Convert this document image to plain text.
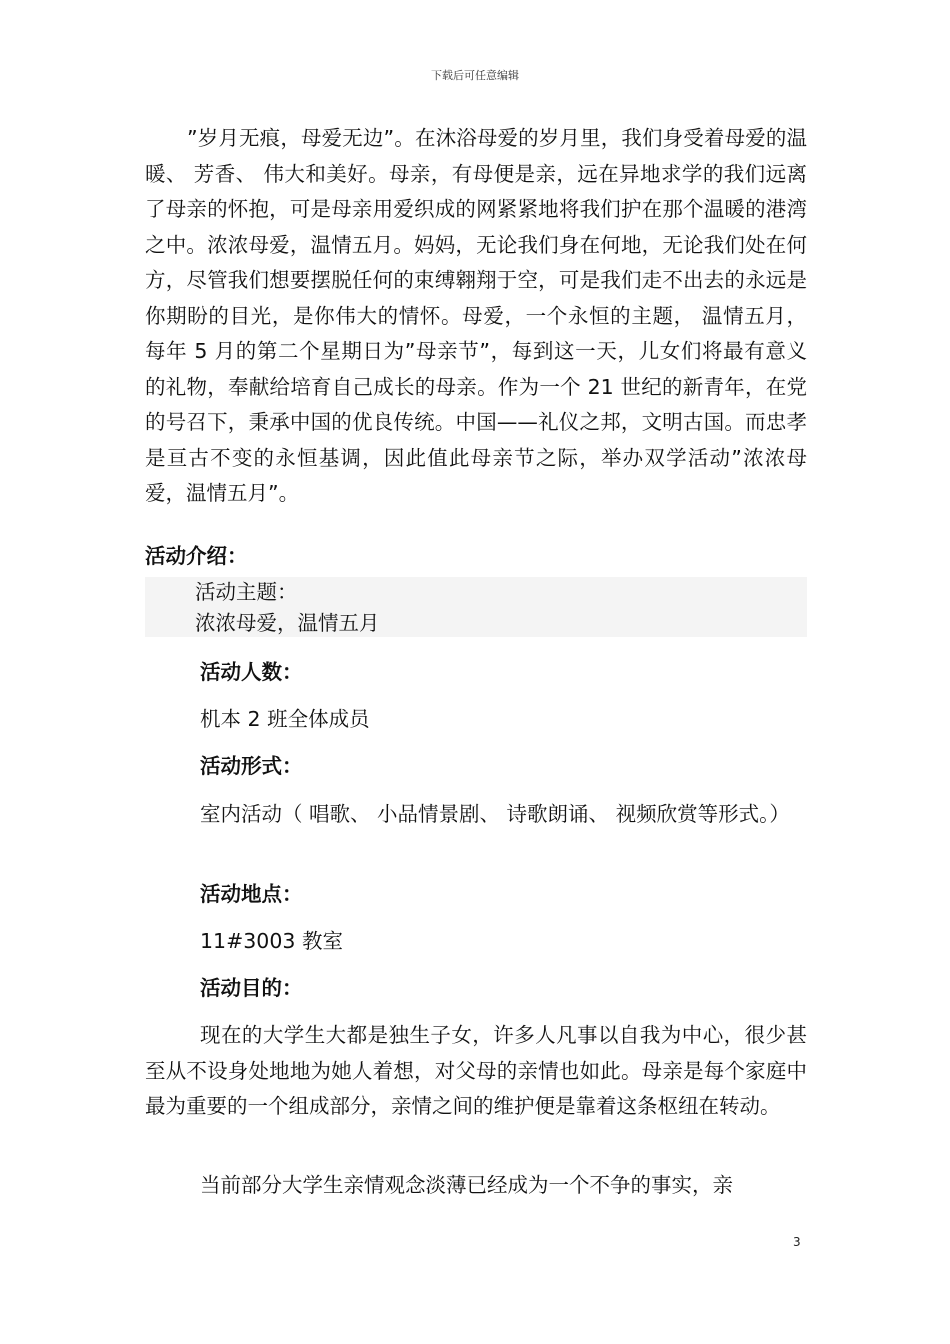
下载后可任意编辑

”岁月无痕，母爱无边”。在沐浴母爱的岁月里，我们身受着母爱的温暖、 芳香、 伟大和美好。母亲，有母便是亲，远在异地求学的我们远离了母亲的怀抱，可是母亲用爱织成的网紧紧地将我们护在那个温暖的港湾之中。浓浓母爱，温情五月。妈妈，无论我们身在何地，无论我们处在何方，尽管我们想要摆脱任何的束缚翱翔于空，可是我们走不出去的永远是你期盼的目光，是你伟大的情怀。母爱，一个永恒的主题， 温情五月，每年 5 月的第二个星期日为”母亲节”，每到这一天，儿女们将最有意义的礼物，奉献给培育自己成长的母亲。作为一个 21 世纪的新青年，在党的号召下，秉承中国的优良传统。中国——礼仪之邦，文明古国。而忠孝是亘古不变的永恒基调，因此值此母亲节之际，举办双学活动”浓浓母爱，温情五月”。

活动介绍：

活动主题：

浓浓母爱，温情五月

活动人数：

机本 2 班全体成员

活动形式：

室内活动（ 唱歌、 小品情景剧、 诗歌朗诵、 视频欣赏等形式。）

活动地点：

11#3003 教室

活动目的：

现在的大学生大都是独生子女，许多人凡事以自我为中心，很少甚至从不设身处地地为她人着想，对父母的亲情也如此。母亲是每个家庭中最为重要的一个组成部分，亲情之间的维护便是靠着这条枢纽在转动。

当前部分大学生亲情观念淡薄已经成为一个不争的事实，亲

3
